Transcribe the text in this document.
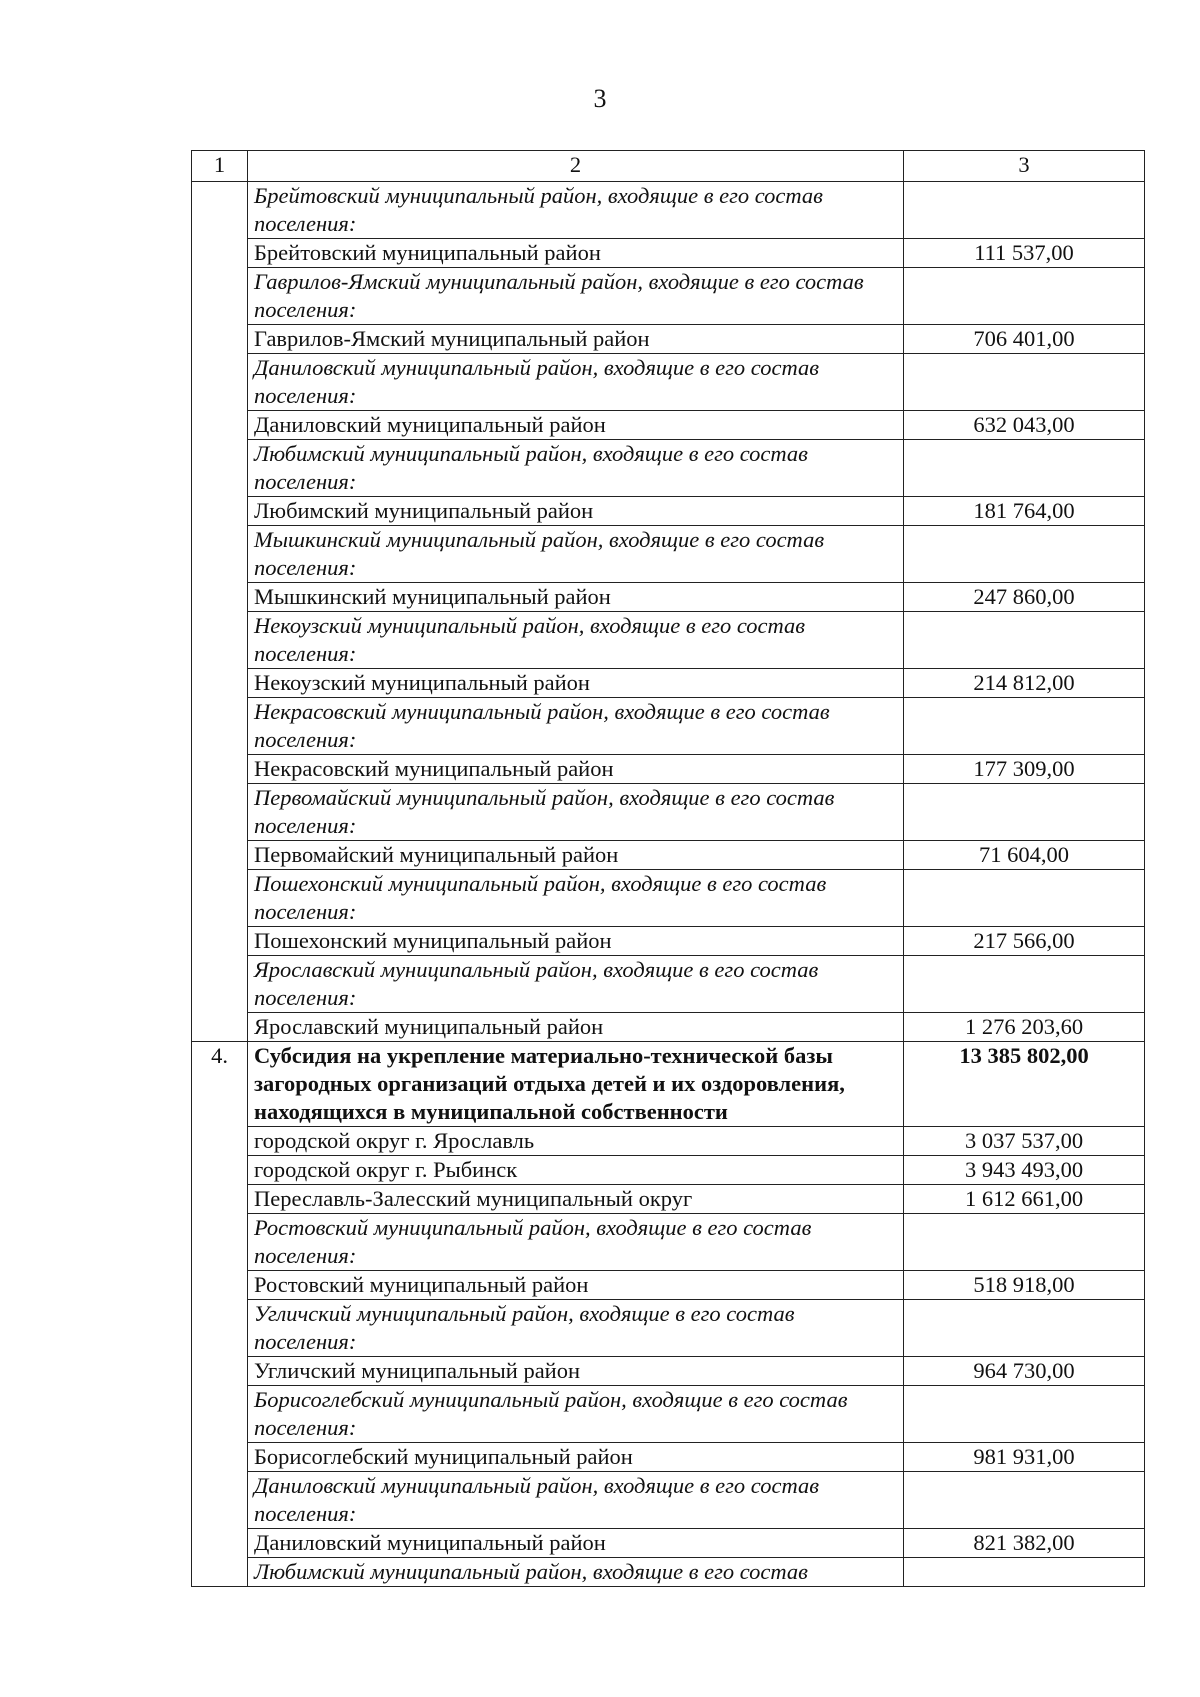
3
1	2	3
	Брейтовский муниципальный район, входящие в его состав поселения:	
	Брейтовский муниципальный район	111 537,00
	Гаврилов-Ямский муниципальный район, входящие в его состав поселения:	
	Гаврилов-Ямский муниципальный район	706 401,00
	Даниловский муниципальный район, входящие в его состав поселения:	
	Даниловский муниципальный район	632 043,00
	Любимский муниципальный район, входящие в его состав поселения:	
	Любимский муниципальный район	181 764,00
	Мышкинский муниципальный район, входящие в его состав поселения:	
	Мышкинский муниципальный район	247 860,00
	Некоузский муниципальный район, входящие в его состав поселения:	
	Некоузский муниципальный район	214 812,00
	Некрасовский муниципальный район, входящие в его состав поселения:	
	Некрасовский муниципальный район	177 309,00
	Первомайский муниципальный район, входящие в его состав поселения:	
	Первомайский муниципальный район	71 604,00
	Пошехонский муниципальный район, входящие в его состав поселения:	
	Пошехонский муниципальный район	217 566,00
	Ярославский муниципальный район, входящие в его состав поселения:	
	Ярославский муниципальный район	1 276 203,60
4.	Субсидия на укрепление материально-технической базы загородных организаций отдыха детей и их оздоровления, находящихся в муниципальной собственности	13 385 802,00
	городской округ г. Ярославль	3 037 537,00
	городской округ г. Рыбинск	3 943 493,00
	Переславль-Залесский муниципальный округ	1 612 661,00
	Ростовский муниципальный район, входящие в его состав поселения:	
	Ростовский муниципальный район	518 918,00
	Угличский муниципальный район, входящие в его состав поселения:	
	Угличский муниципальный район	964 730,00
	Борисоглебский муниципальный район, входящие в его состав поселения:	
	Борисоглебский муниципальный район	981 931,00
	Даниловский муниципальный район, входящие в его состав поселения:	
	Даниловский муниципальный район	821 382,00
	Любимский муниципальный район, входящие в его состав	
